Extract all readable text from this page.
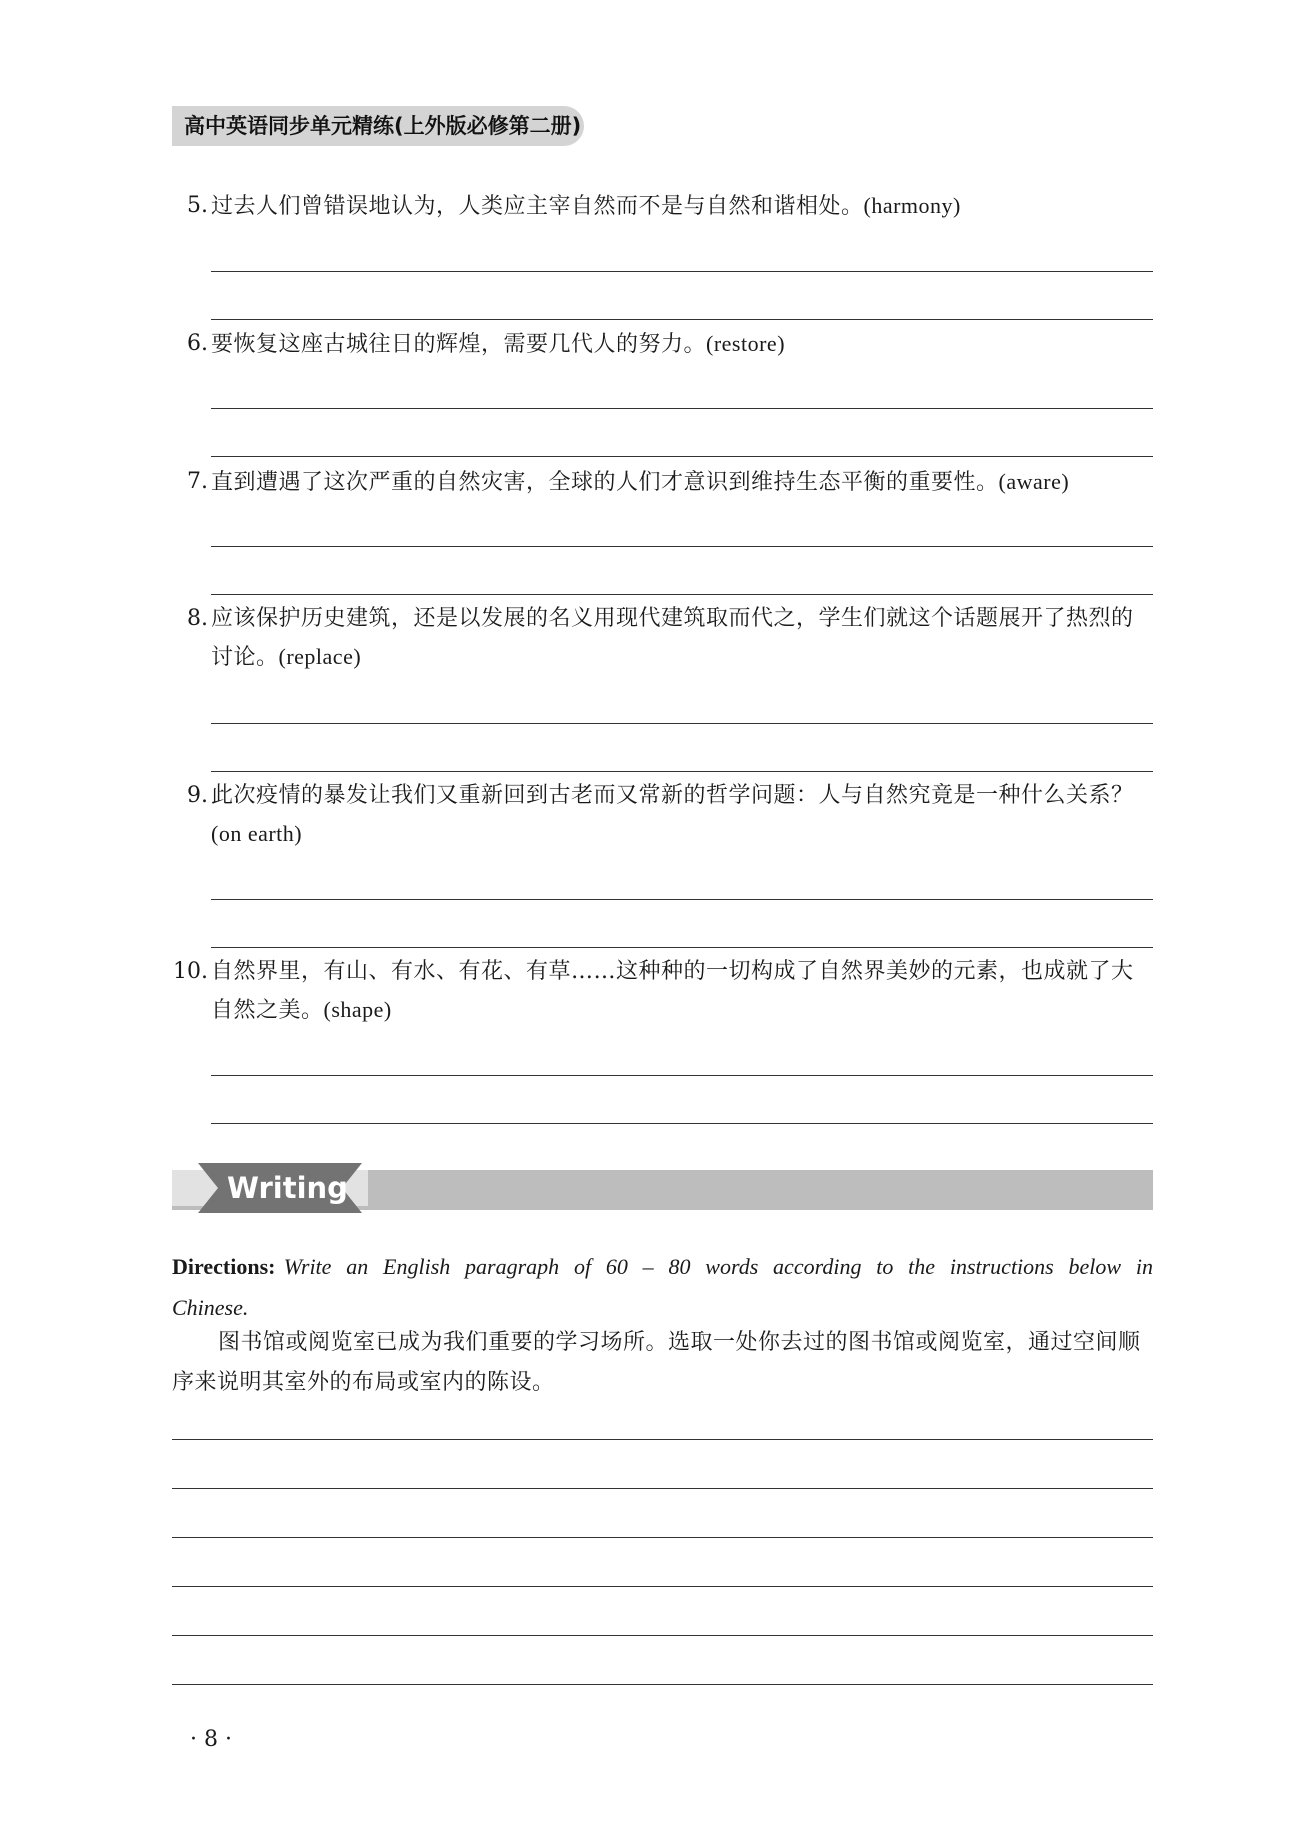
高中英语同步单元精练(上外版必修第二册)
5. 过去人们曾错误地认为，人类应主宰自然而不是与自然和谐相处。(harmony)
6. 要恢复这座古城往日的辉煌，需要几代人的努力。(restore)
7. 直到遭遇了这次严重的自然灾害，全球的人们才意识到维持生态平衡的重要性。(aware)
8. 应该保护历史建筑，还是以发展的名义用现代建筑取而代之，学生们就这个话题展开了热烈的讨论。(replace)
9. 此次疫情的暴发让我们又重新回到古老而又常新的哲学问题：人与自然究竟是一种什么关系？(on earth)
10. 自然界里，有山、有水、有花、有草……这种种的一切构成了自然界美妙的元素，也成就了大自然之美。(shape)
Writing
Directions: Write an English paragraph of 60 – 80 words according to the instructions below in Chinese.
图书馆或阅览室已成为我们重要的学习场所。选取一处你去过的图书馆或阅览室，通过空间顺序来说明其室外的布局或室内的陈设。
· 8 ·
